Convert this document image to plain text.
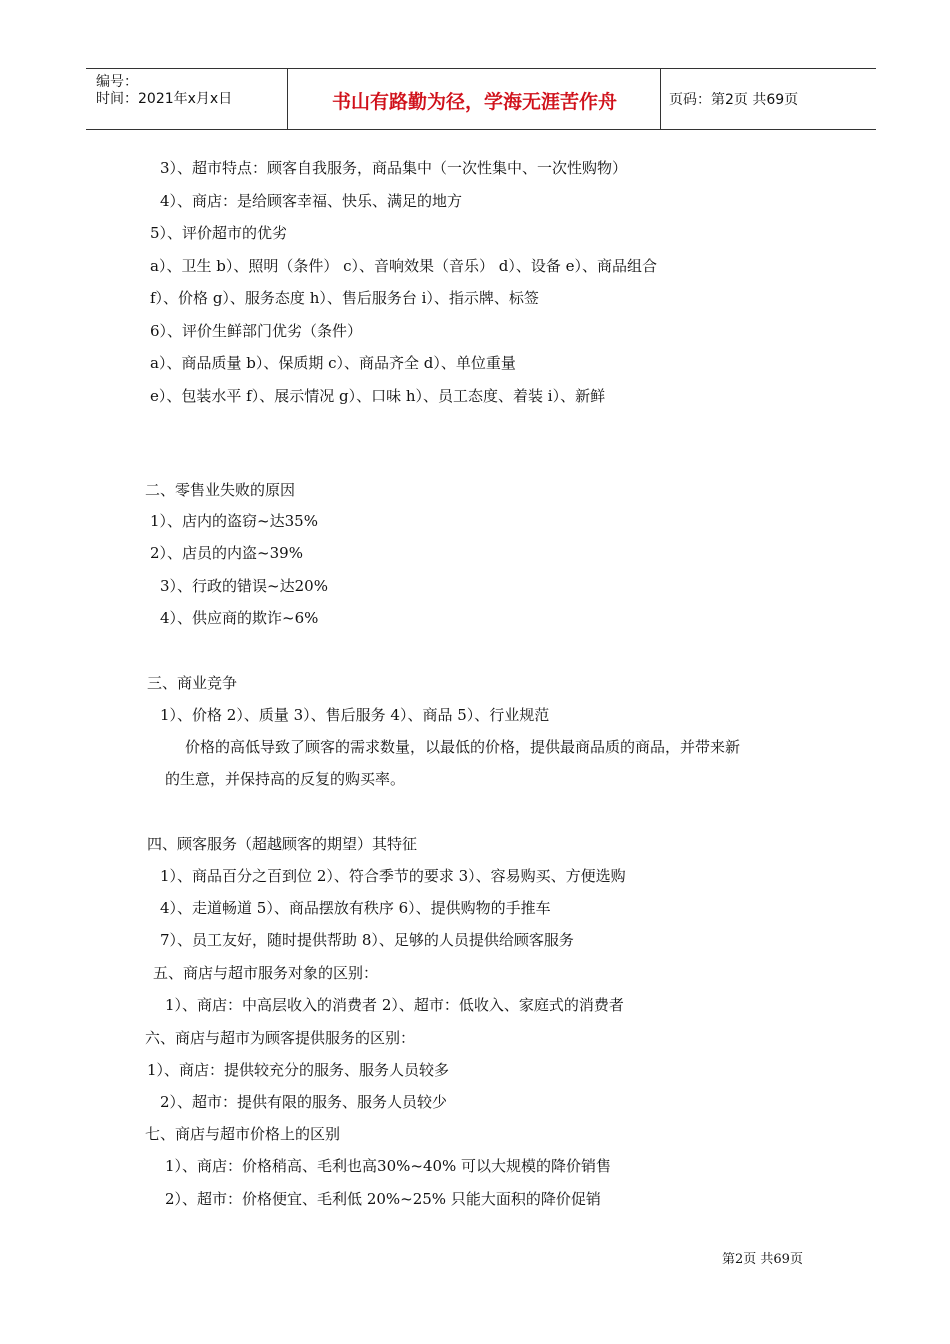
编号：
时间：2021年x月x日	书山有路勤为径，学海无涯苦作舟	页码：第2页 共69页
3）、超市特点：顾客自我服务，商品集中（一次性集中、一次性购物）
4）、商店：是给顾客幸福、快乐、满足的地方
5）、评价超市的优劣
a）、卫生 b）、照明（条件） c）、音响效果（音乐） d）、设备 e）、商品组合
f）、价格 g）、服务态度 h）、售后服务台 i）、指示牌、标签
6）、评价生鲜部门优劣（条件）
a）、商品质量 b）、保质期 c）、商品齐全 d）、单位重量
e）、包装水平 f）、展示情况 g）、口味 h）、员工态度、着装 i）、新鲜
二、零售业失败的原因
1）、店内的盗窃~达35%
2）、店员的内盗~39%
3）、行政的错误~达20%
4）、供应商的欺诈~6%
三、商业竞争
1）、价格 2）、质量 3）、售后服务 4）、商品 5）、行业规范
价格的高低导致了顾客的需求数量，以最低的价格，提供最商品质的商品，并带来新
的生意，并保持高的反复的购买率。
四、顾客服务（超越顾客的期望）其特征
1）、商品百分之百到位 2）、符合季节的要求 3）、容易购买、方便选购
4）、走道畅道 5）、商品摆放有秩序 6）、提供购物的手推车
7）、员工友好，随时提供帮助 8）、足够的人员提供给顾客服务
五、商店与超市服务对象的区别：
1）、商店：中高层收入的消费者 2）、超市：低收入、家庭式的消费者
六、商店与超市为顾客提供服务的区别：
1）、商店：提供较充分的服务、服务人员较多
2）、超市：提供有限的服务、服务人员较少
七、商店与超市价格上的区别
1）、商店：价格稍高、毛利也高30%~40% 可以大规模的降价销售
2）、超市：价格便宜、毛利低 20%~25% 只能大面积的降价促销
第2页 共69页
